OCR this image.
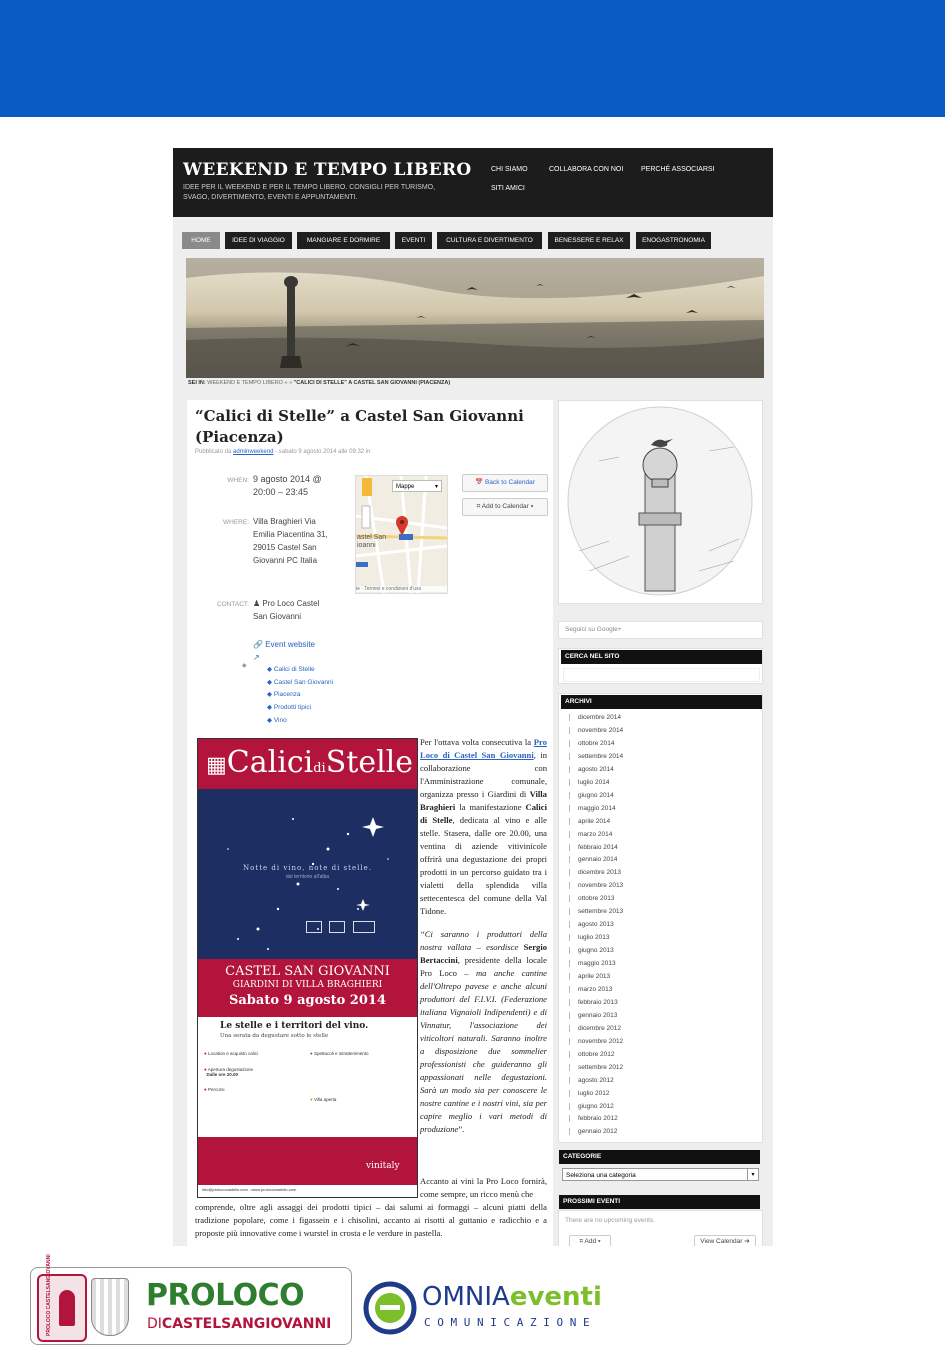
WEEKEND E TEMPO LIBERO
IDEE PER IL WEEKEND E PER IL TEMPO LIBERO. CONSIGLI PER TURISMO, SVAGO, DIVERTIMENTO, EVENTI E APPUNTAMENTI.
CHI SIAMO	COLLABORA CON NOI	PERCHÉ ASSOCIARSI
SITI AMICI
HOME	IDEE DI VIAGGIO	MANGIARE E DORMIRE	EVENTI	CULTURA E DIVERTIMENTO	BENESSERE E RELAX	ENOGASTRONOMIA
SEI IN: WEEKEND E TEMPO LIBERO » » "CALICI DI STELLE" A CASTEL SAN GIOVANNI (PIACENZA)
“Calici di Stelle” a Castel San Giovanni (Piacenza)
Pubblicato da adminweekend - sabato 9 agosto 2014 alle 09:32 in
WHEN: 9 agosto 2014 @ 20:00 – 23:45
WHERE: Villa Braghieri Via Emilia Piacentina 31, 29015 Castel San Giovanni PC Italia
CONTACT: ♟ Pro Loco Castel San Giovanni
🔗 Event website
↗
◆	◆ Calici di Stelle
◆ Castel San Giovanni
◆ Piacenza
◆ Prodotti tipici
◆ Vino
Mappe	▾
astel San
ioanni
ie · Termini e condizioni d'uso
📅 Back to Calendar
⌗ Add to Calendar ▾
▦CalicidiStelle
Notte di vino, note di stelle.
dal territorio all'alba

CASTEL SAN GIOVANNI
GIARDINI DI VILLA BRAGHIERI
Sabato 9 agosto 2014
Le stelle e i territori del vino.
Una serata da degustare sotto le stelle
● Location e acquisto calici
● Apertura degustazione
Dalle ore 20.00
● Percorsi
● Spettacoli e intrattenimento
● Villa aperta
vinitaly
info@prolococastello.com - www.prolococastello.com
Per l'ottava volta consecutiva la Pro Loco di Castel San Giovanni, in collaborazione con l'Amministrazione comunale, organizza presso i Giardini di Villa Braghieri la manifestazione Calici di Stelle, dedicata al vino e alle stelle. Stasera, dalle ore 20.00, una ventina di aziende vitivinicole offrirà una degustazione dei propri prodotti in un percorso guidato tra i vialetti della splendida villa settecentesca del comune della Val Tidone.
“Ci saranno i produttori della nostra vallata – esordisce Sergio Bertaccini, presidente della locale Pro Loco – ma anche cantine dell'Oltrepo pavese e anche alcuni produttori del F.I.V.I. (Federazione italiana Vignaioli Indipendenti) e di Vinnatur, l'associazione dei viticoltori naturali. Saranno inoltre a disposizione due sommelier professionisti che guideranno gli appassionati nelle degustazioni. Sarà un modo sia per conoscere le nostre cantine e i nostri vini, sia per capire meglio i vari metodi di produzione”.
Accanto ai vini la Pro Loco fornirà, come sempre, un ricco menù che
comprende, oltre agli assaggi dei prodotti tipici – dai salumi ai formaggi – alcuni piatti della tradizione popolare, come i figassein e i chisolini, accanto ai risotti al guttanio e radicchio e a proposte più innovative come i wurstel in crosta e le verdure in pastella.
Seguici su Google+
CERCA NEL SITO
ARCHIVI
dicembre 2014
novembre 2014
ottobre 2014
settembre 2014
agosto 2014
luglio 2014
giugno 2014
maggio 2014
aprile 2014
marzo 2014
febbraio 2014
gennaio 2014
dicembre 2013
novembre 2013
ottobre 2013
settembre 2013
agosto 2013
luglio 2013
giugno 2013
maggio 2013
aprile 2013
marzo 2013
febbraio 2013
gennaio 2013
dicembre 2012
novembre 2012
ottobre 2012
settembre 2012
agosto 2012
luglio 2012
giugno 2012
febbraio 2012
gennaio 2012
CATEGORIE
Seleziona una categoria	▾
PROSSIMI EVENTI
There are no upcoming events.
⌗ Add ▾	View Calendar ➔
PROLOCO CASTELSANGIOVANNI	PROLOCO
DICASTELSANGIOVANNI
OMNIAeventi
C O M U N I C A Z I O N E
